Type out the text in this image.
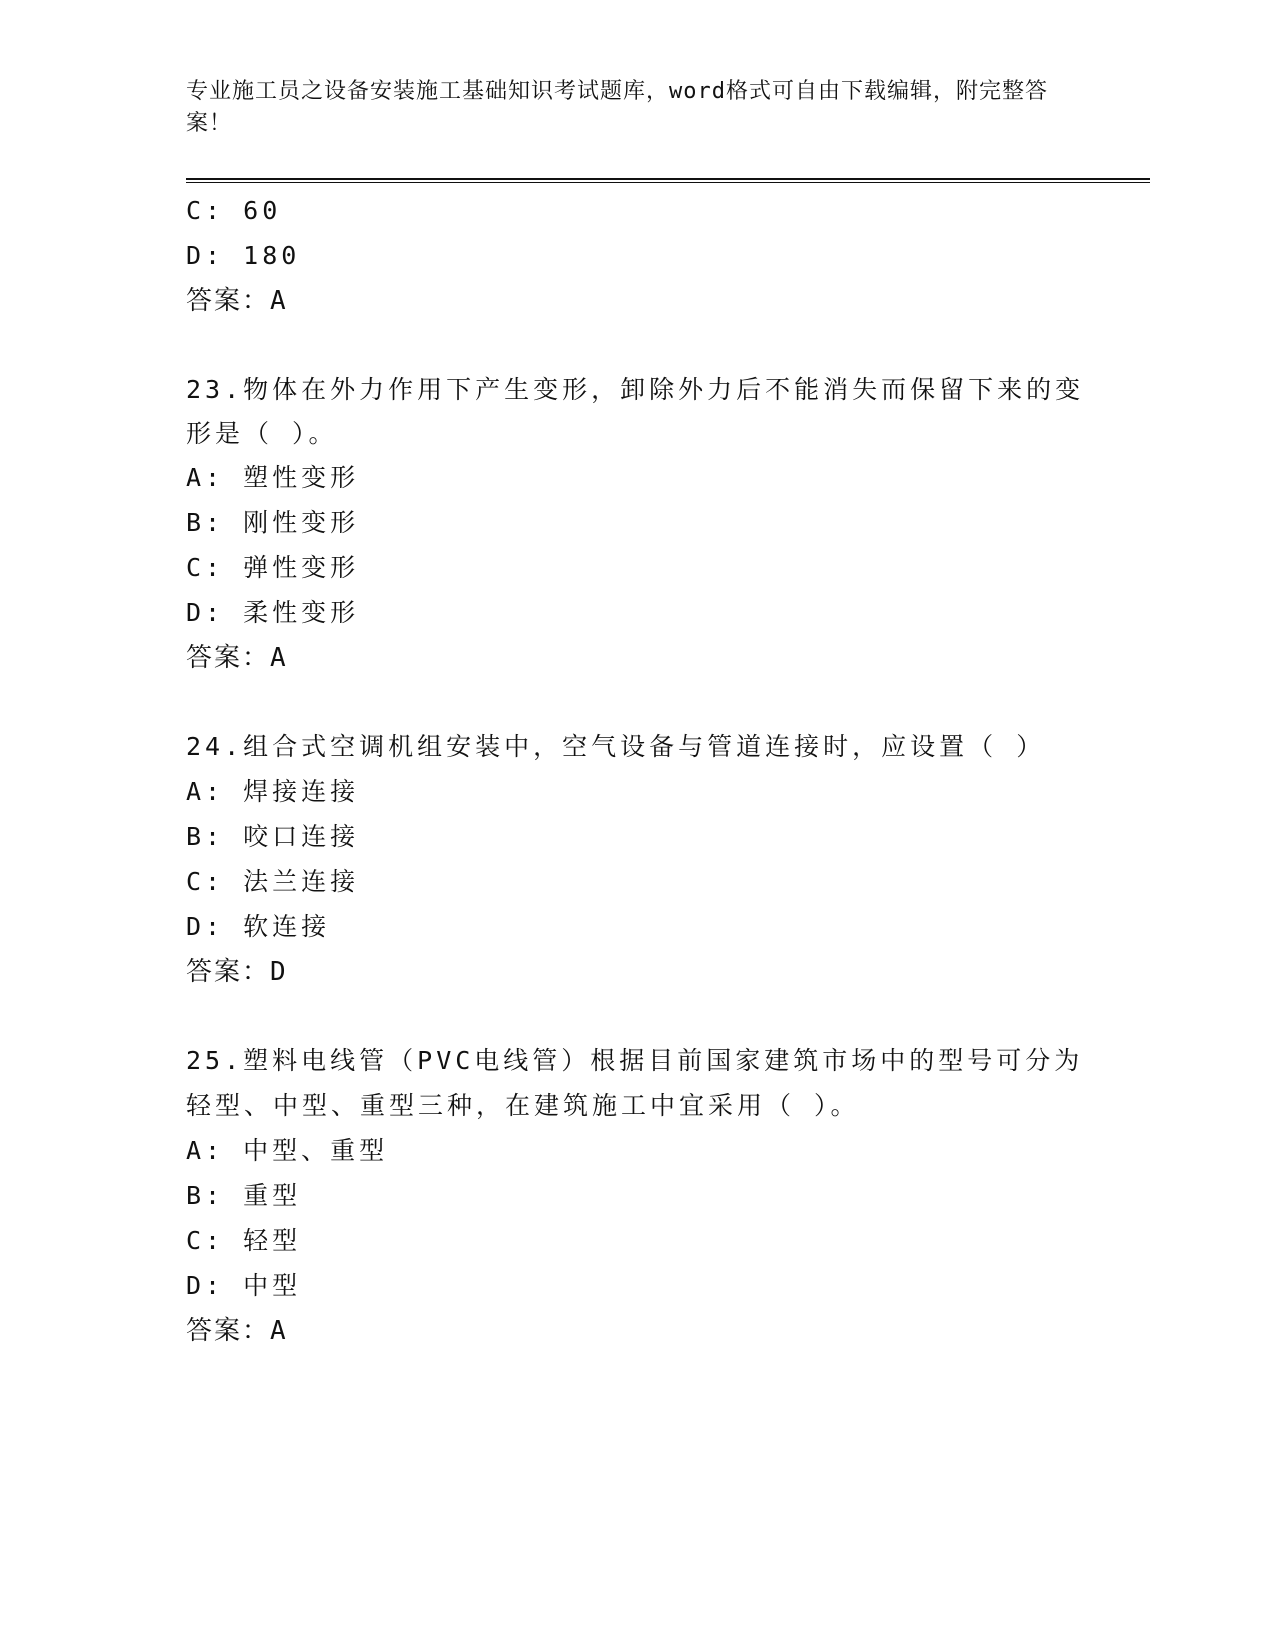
专业施工员之设备安装施工基础知识考试题库，word格式可自由下载编辑，附完整答案！
C: 60
D: 180
答案：A
23.物体在外力作用下产生变形，卸除外力后不能消失而保留下来的变
形是（ ）。
A: 塑性变形
B: 刚性变形
C: 弹性变形
D: 柔性变形
答案：A
24.组合式空调机组安装中，空气设备与管道连接时，应设置（ ）
A: 焊接连接
B: 咬口连接
C: 法兰连接
D: 软连接
答案：D
25.塑料电线管（PVC电线管）根据目前国家建筑市场中的型号可分为
轻型、中型、重型三种，在建筑施工中宜采用（ ）。
A: 中型、重型
B: 重型
C: 轻型
D: 中型
答案：A
